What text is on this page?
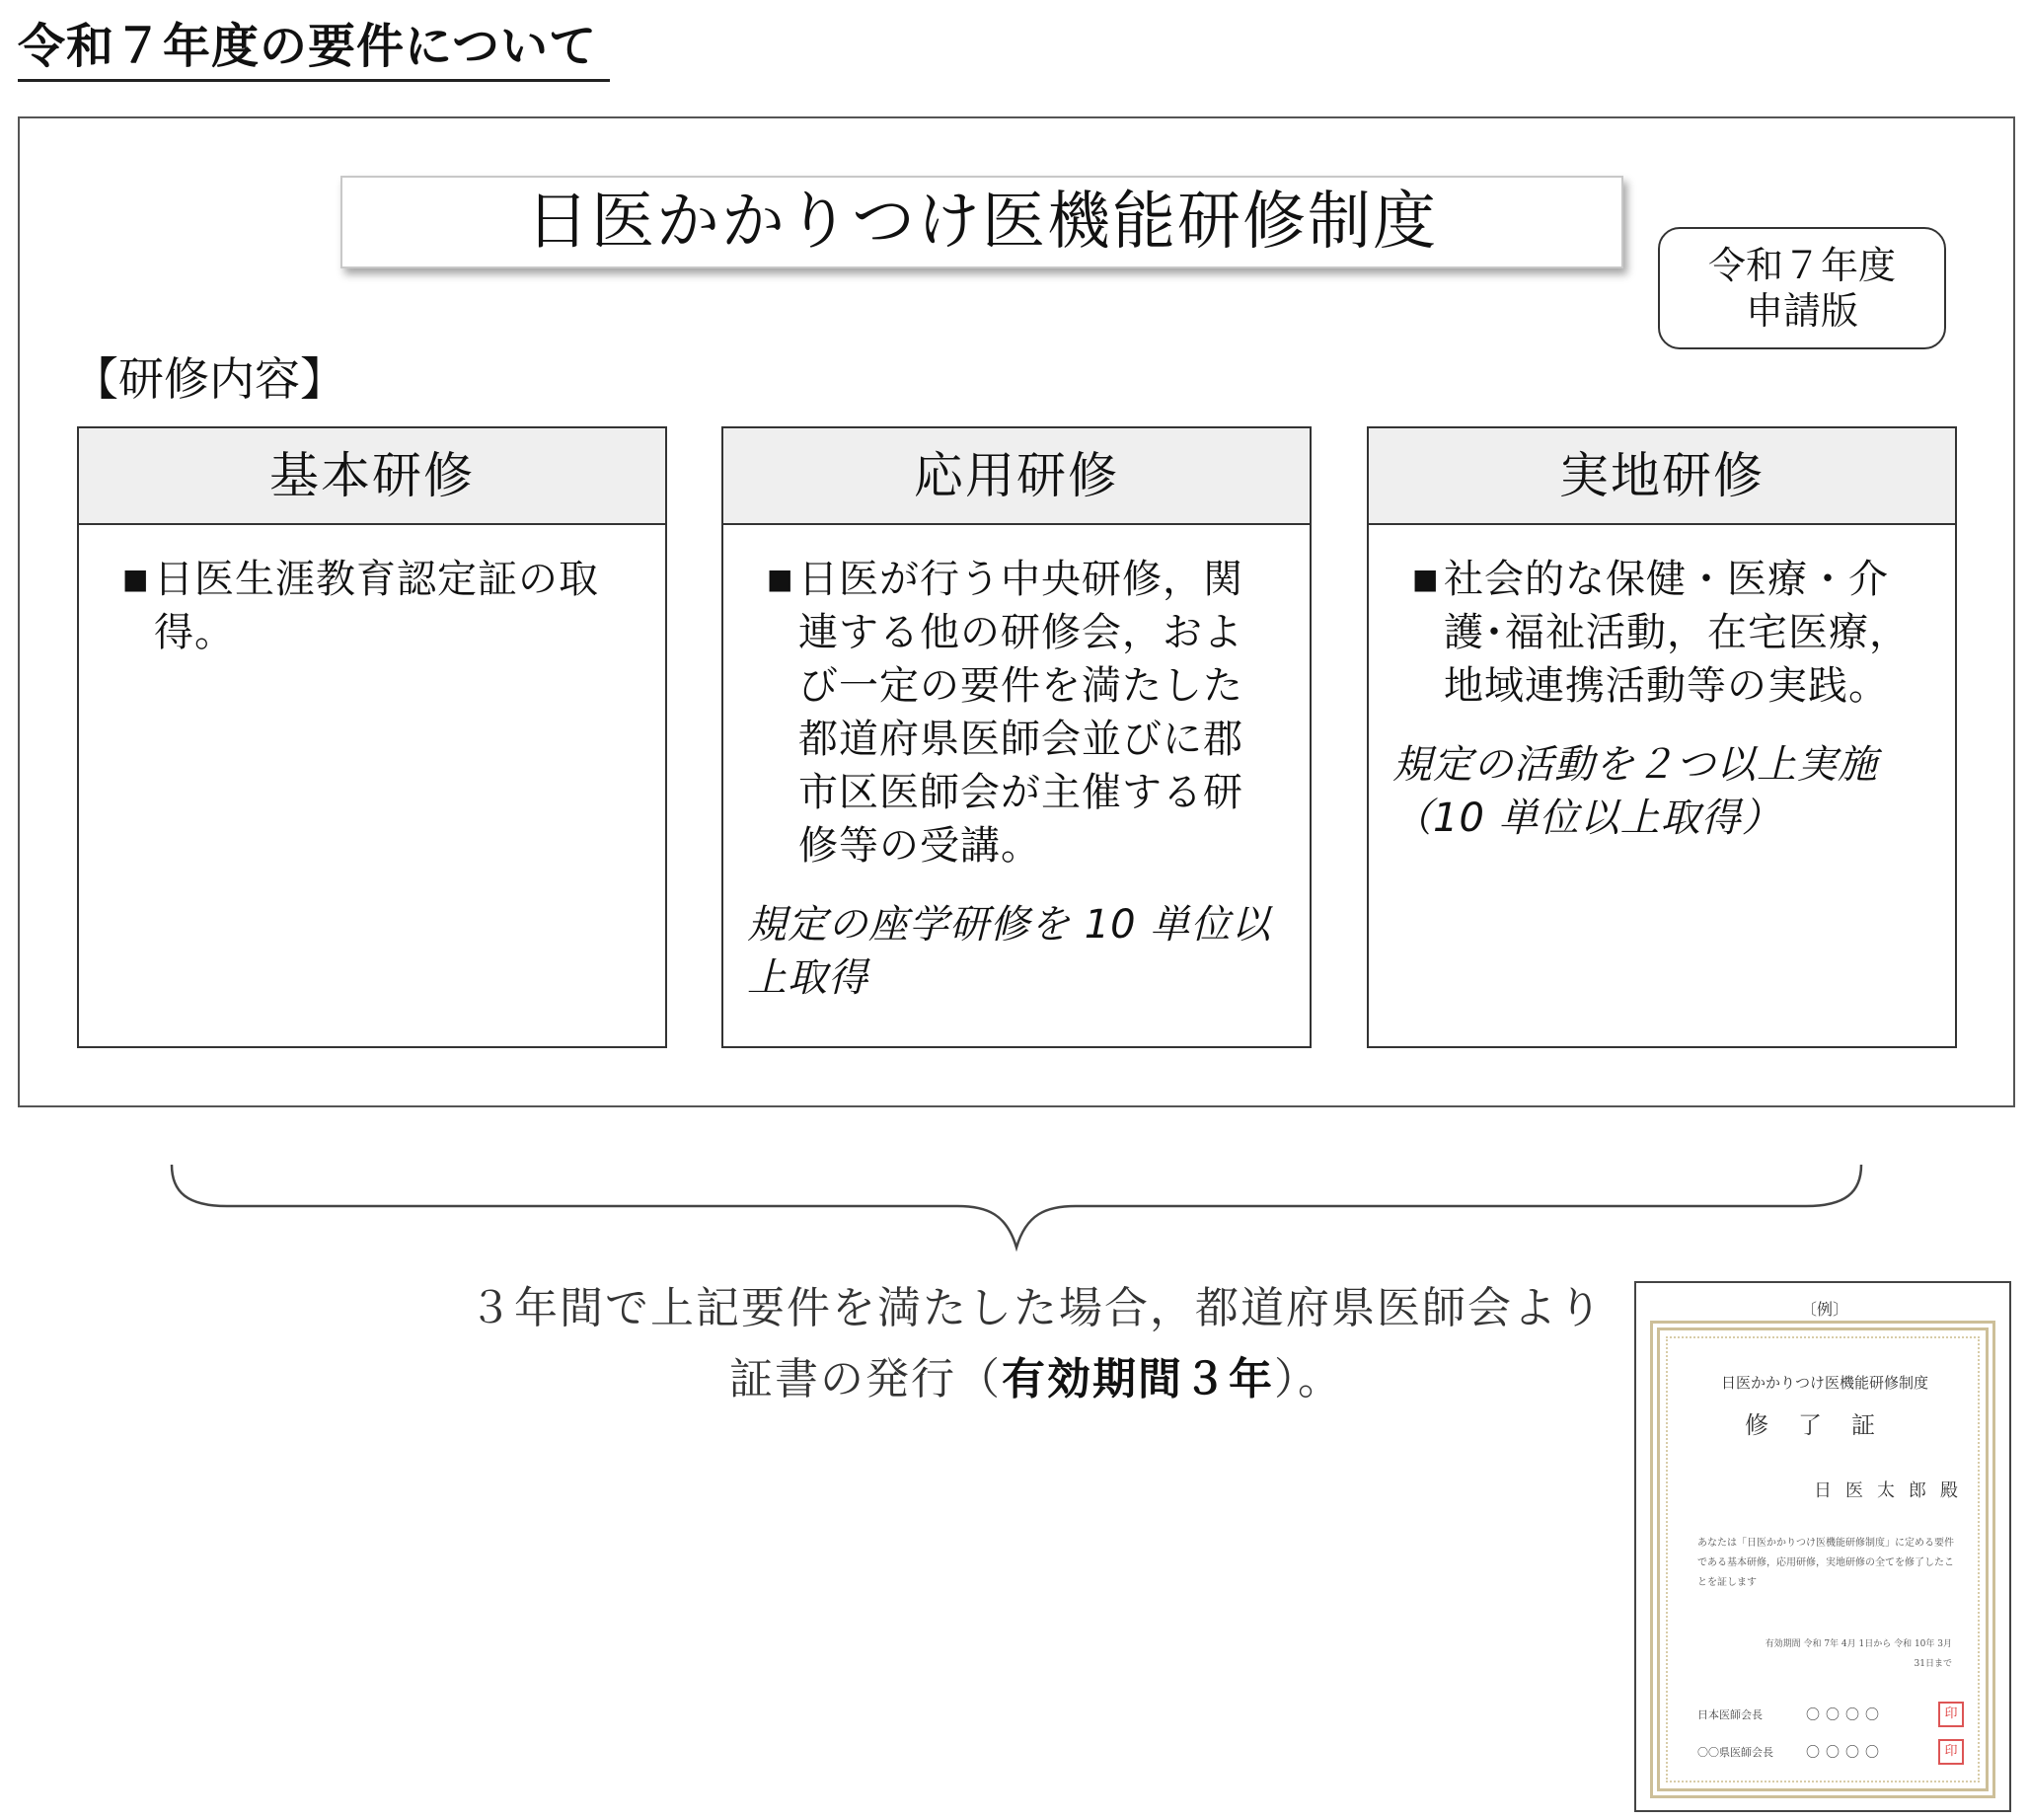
令和７年度の要件について
日医かかりつけ医機能研修制度
令和７年度
申請版
【研修内容】
基本研修
■ 日医生涯教育認定証の取得。
応用研修
■ 日医が行う中央研修，関連する他の研修会，および一定の要件を満たした都道府県医師会並びに郡市区医師会が主催する研修等の受講。
規定の座学研修を 10 単位以上取得
実地研修
■ 社会的な保健・医療・介護･福祉活動，在宅医療，地域連携活動等の実践。
規定の活動を２つ以上実施（10 単位以上取得）
３年間で上記要件を満たした場合，都道府県医師会より
証書の発行（有効期間３年）。
〔例〕
日医かかりつけ医機能研修制度
修了証
日医太郎殿
あなたは「日医かかりつけ医機能研修制度」に定める要件である基本研修，応用研修，実地研修の全てを修了したことを証します
有効期間 令和 7年 4月 1日から 令和 10年 3月31日まで
日本医師会長	〇〇〇〇	印
〇〇県医師会長	〇〇〇〇	印
